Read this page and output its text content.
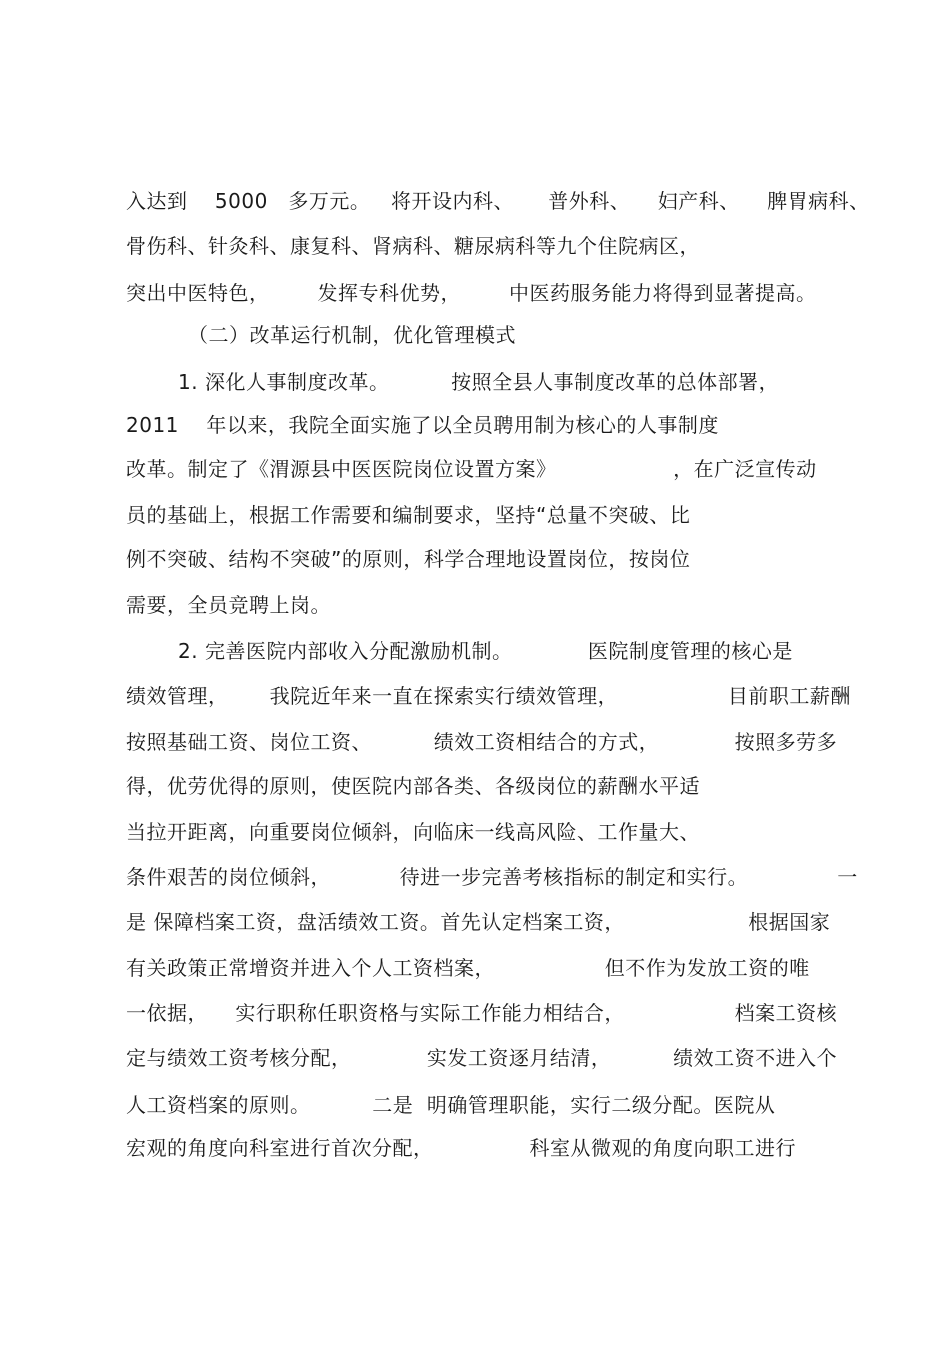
入达到    5000   多万元。   将开设内科、     普外科、    妇产科、    脾胃病科、
骨伤科、针灸科、康复科、肾病科、糖尿病科等九个住院病区，
突出中医特色，       发挥专科优势，       中医药服务能力将得到显著提高。
（二）改革运行机制，优化管理模式
1. 深化人事制度改革。         按照全县人事制度改革的总体部署，
2011    年以来，我院全面实施了以全员聘用制为核心的人事制度
改革。制定了《渭源县中医医院岗位设置方案》                 ，在广泛宣传动
员的基础上，根据工作需要和编制要求，坚持“总量不突破、比
例不突破、结构不突破”的原则，科学合理地设置岗位，按岗位
需要，全员竞聘上岗。
2. 完善医院内部收入分配激励机制。           医院制度管理的核心是
绩效管理，      我院近年来一直在探索实行绩效管理，                目前职工薪酬
按照基础工资、岗位工资、         绩效工资相结合的方式，           按照多劳多
得，优劳优得的原则，使医院内部各类、各级岗位的薪酬水平适
当拉开距离，向重要岗位倾斜，向临床一线高风险、工作量大、
条件艰苦的岗位倾斜，          待进一步完善考核指标的制定和实行。             一
是 保障档案工资，盘活绩效工资。首先认定档案工资，                  根据国家
有关政策正常增资并进入个人工资档案，                但不作为发放工资的唯
一依据，    实行职称任职资格与实际工作能力相结合，                档案工资核
定与绩效工资考核分配，           实发工资逐月结清，         绩效工资不进入个
人工资档案的原则。         二是  明确管理职能，实行二级分配。医院从
宏观的角度向科室进行首次分配，              科室从微观的角度向职工进行
